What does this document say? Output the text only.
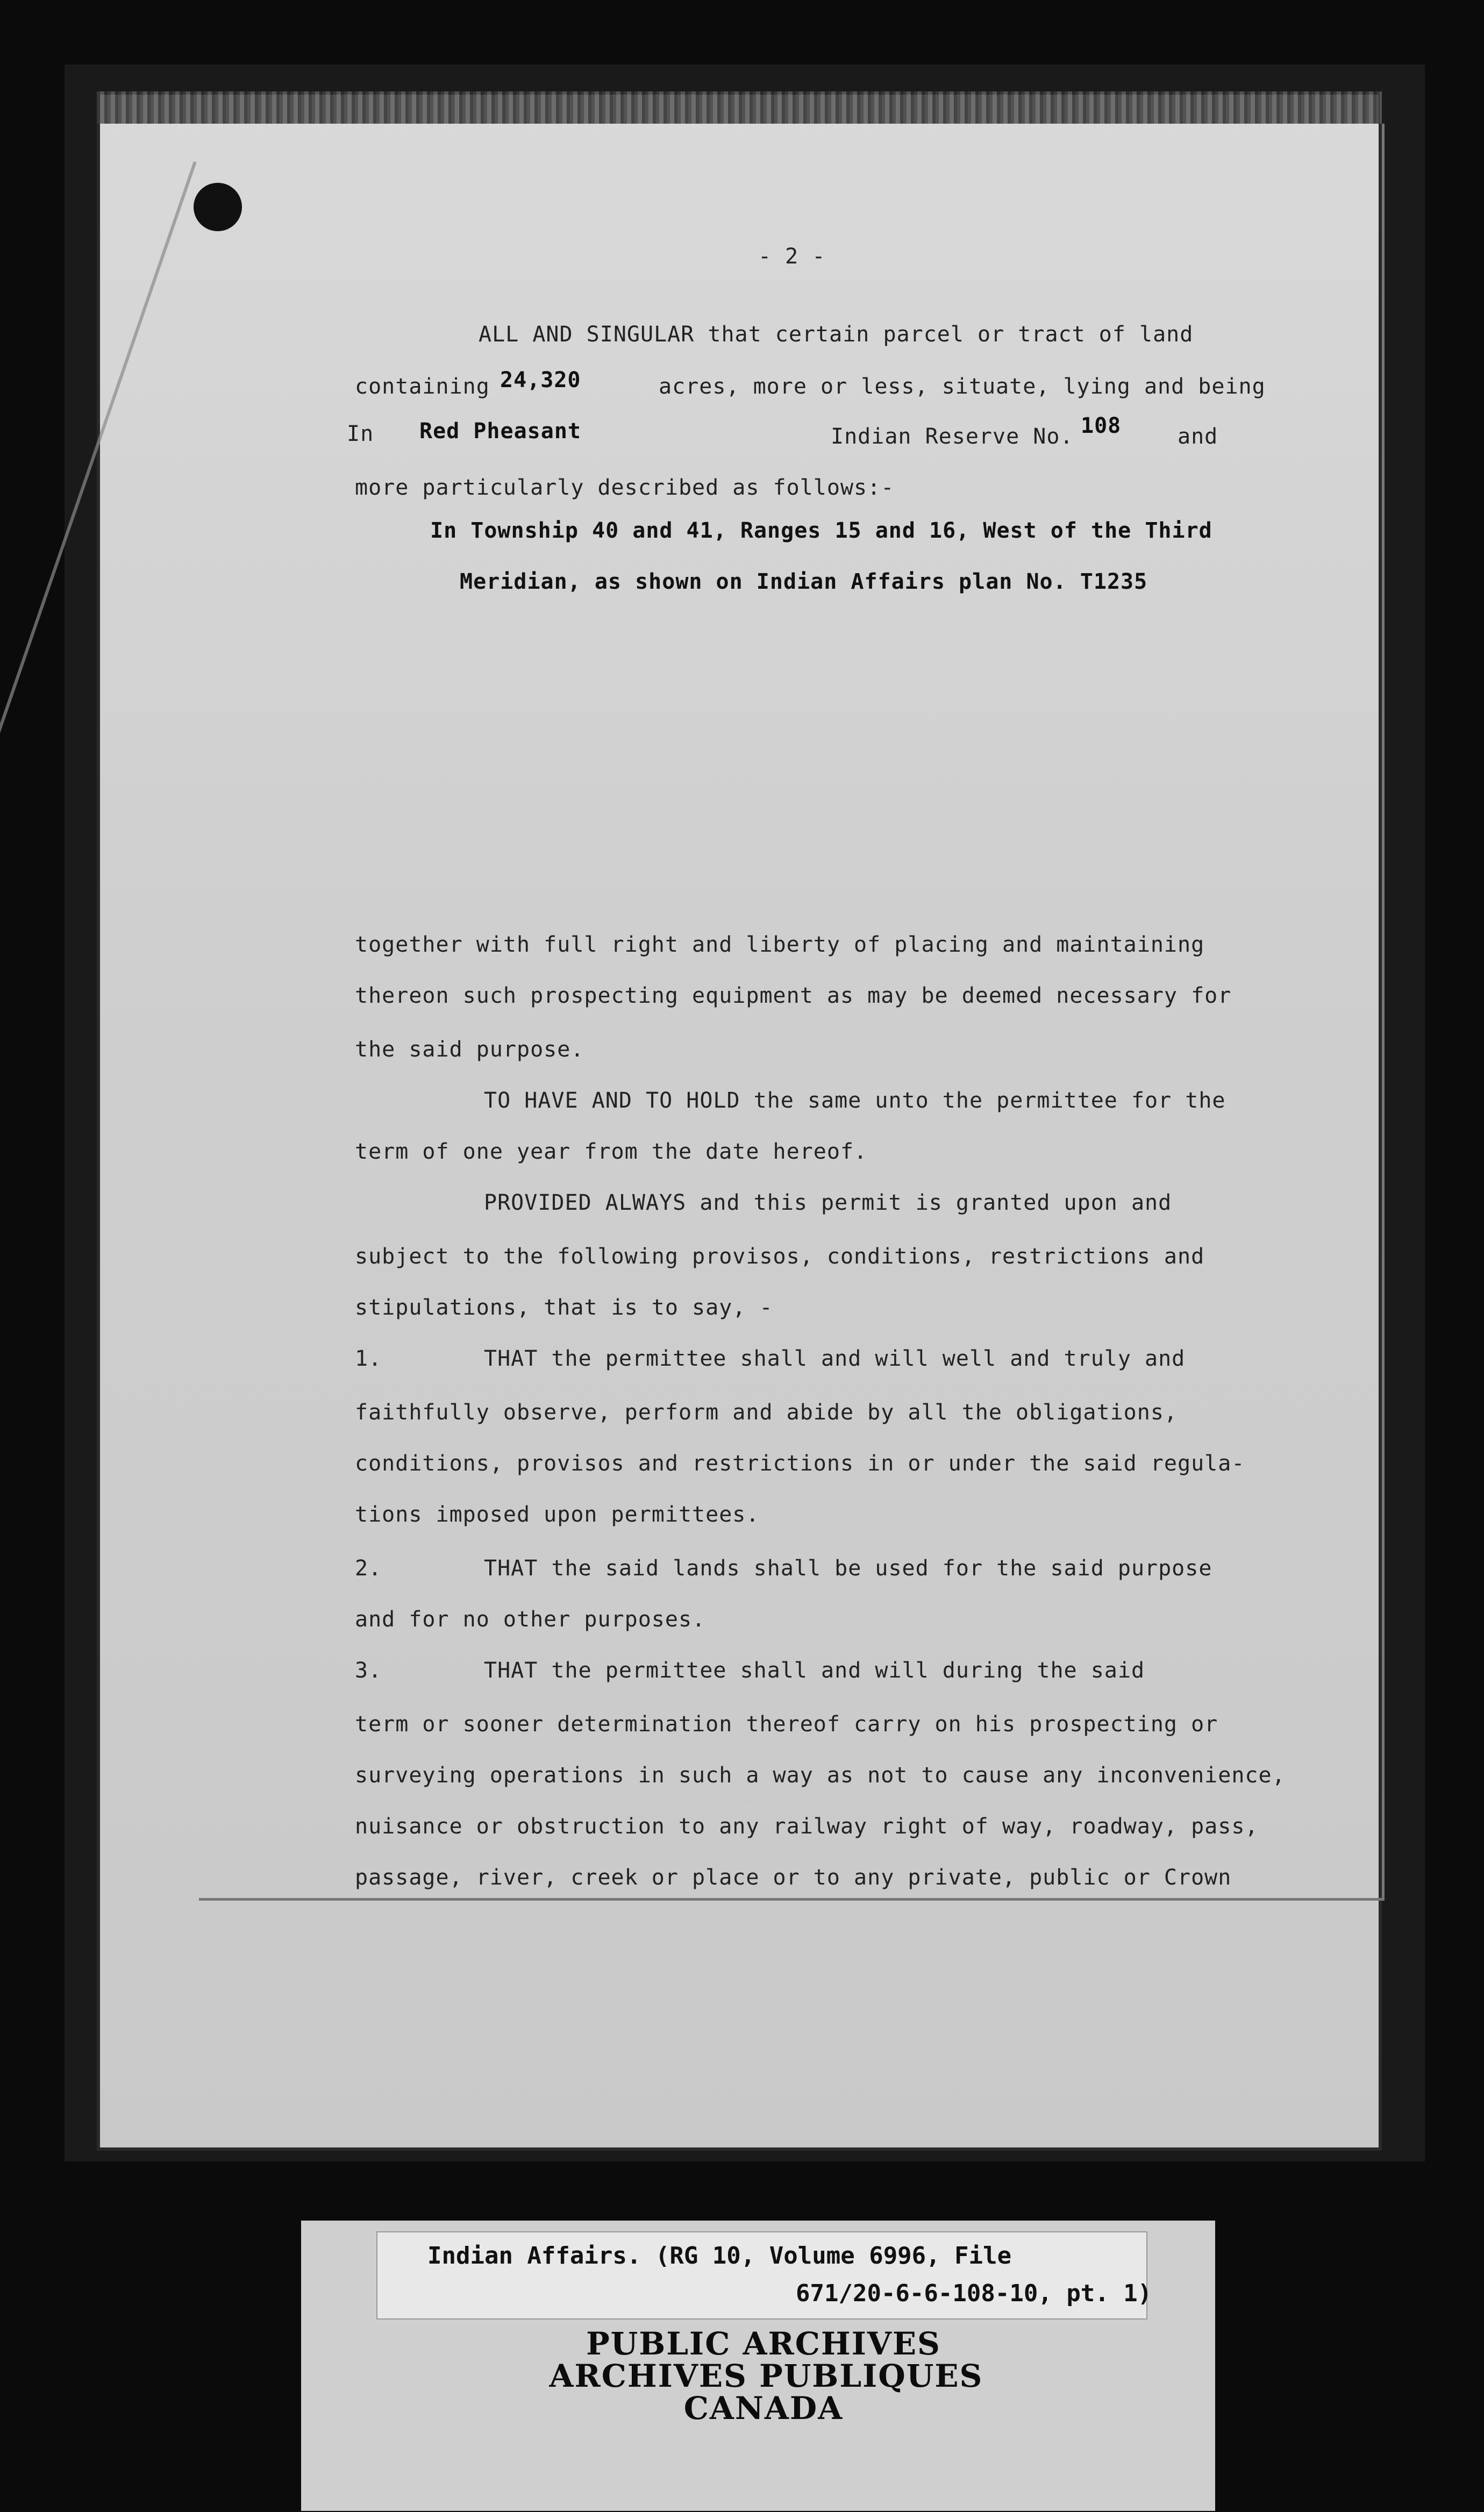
- 2 -
ALL AND SINGULAR that certain parcel or tract of land
containing 24,320	acres, more or less, situate, lying and being
In Red Pheasant	Indian Reserve No. 108	and
more particularly described as follows:-
In Township 40 and 41, Ranges 15 and 16, West of the Third
Meridian, as shown on Indian Affairs plan No. T1235
together with full right and liberty of placing and maintaining
thereon such prospecting equipment as may be deemed necessary for
the said purpose.
TO HAVE AND TO HOLD the same unto the permittee for the
term of one year from the date hereof.
PROVIDED ALWAYS and this permit is granted upon and
subject to the following provisos, conditions, restrictions and
stipulations, that is to say, -
1.	THAT the permittee shall and will well and truly and
faithfully observe, perform and abide by all the obligations,
conditions, provisos and restrictions in or under the said regula-
tions imposed upon permittees.
2.	THAT the said lands shall be used for the said purpose
and for no other purposes.
3.	THAT the permittee shall and will during the said
term or sooner determination thereof carry on his prospecting or
surveying operations in such a way as not to cause any inconvenience,
nuisance or obstruction to any railway right of way, roadway, pass,
passage, river, creek or place or to any private, public or Crown
Indian Affairs. (RG 10, Volume 6996, File
671/20-6-6-108-10, pt. 1)
PUBLIC ARCHIVES
ARCHIVES PUBLIQUES
CANADA
